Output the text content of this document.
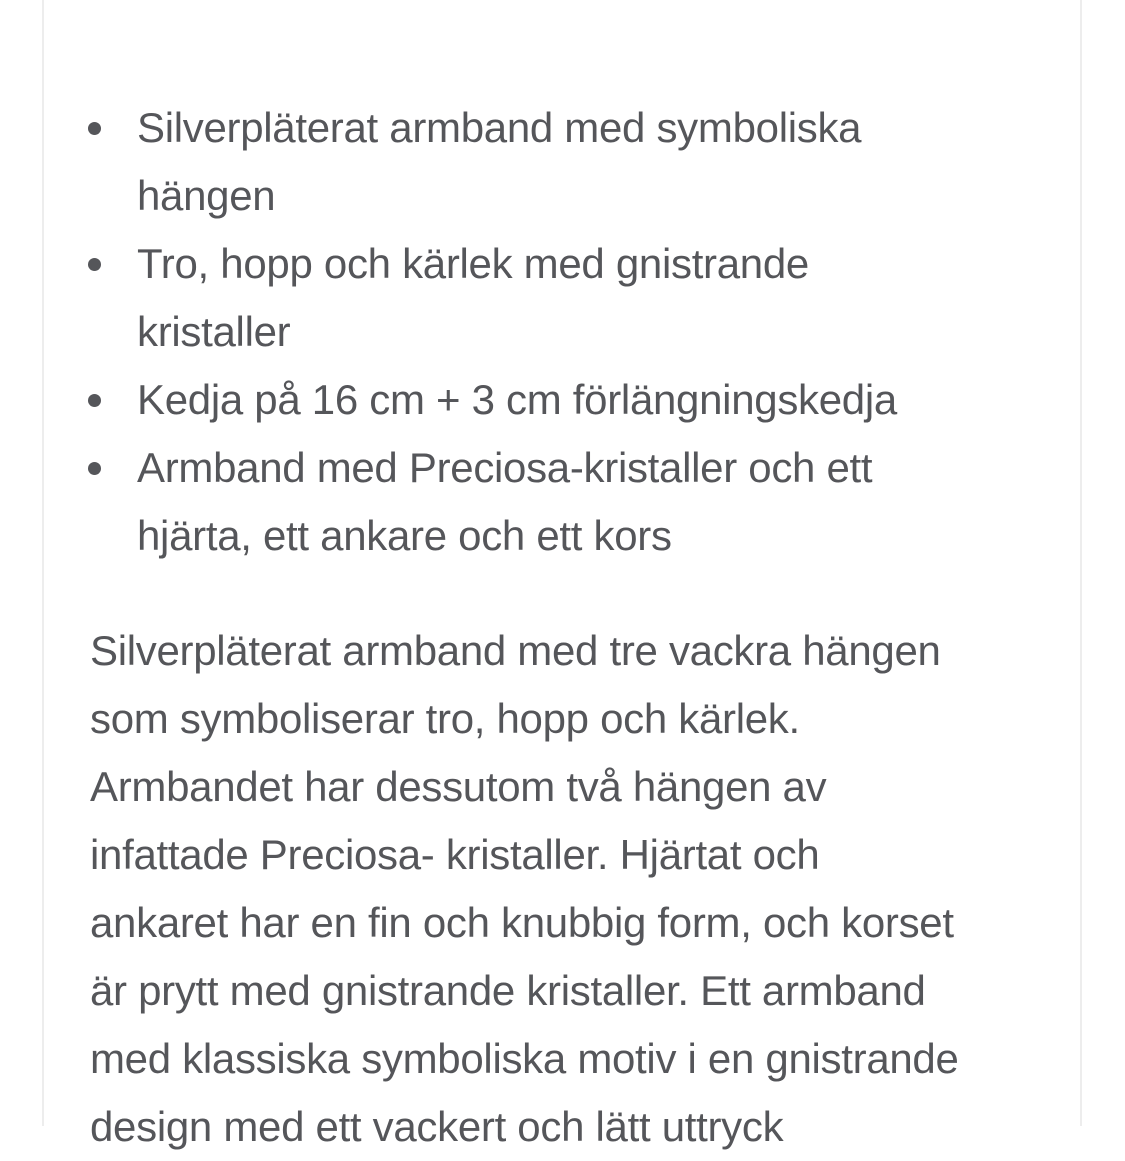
Silverpläterat armband med symboliska
hängen
Tro, hopp och kärlek med gnistrande
kristaller
Kedja på 16 cm + 3 cm förlängningskedja
Armband med Preciosa-kristaller och ett
hjärta, ett ankare och ett kors
Silverpläterat armband med tre vackra hängen
som symboliserar tro, hopp och kärlek.
Armbandet har dessutom två hängen av
infattade Preciosa- kristaller. Hjärtat och
ankaret har en fin och knubbig form, och korset
är prytt med gnistrande kristaller. Ett armband
med klassiska symboliska motiv i en gnistrande
design med ett vackert och lätt uttryck
